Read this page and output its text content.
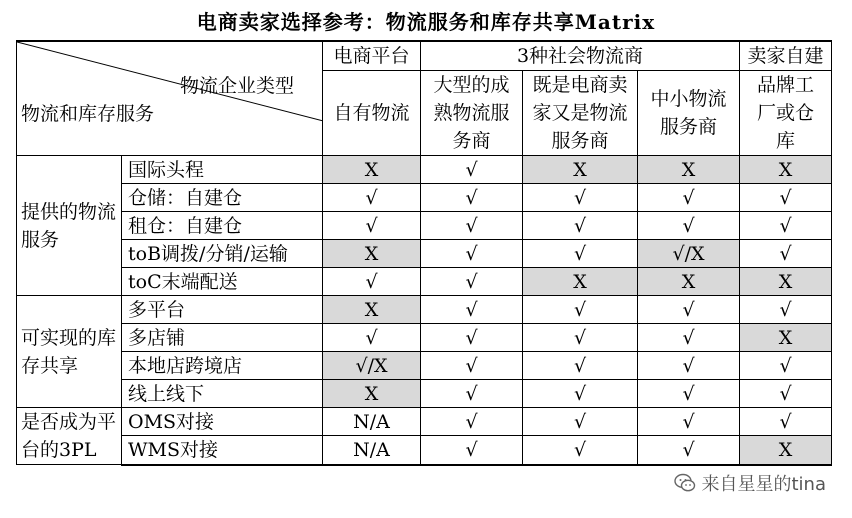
电商卖家选择参考：物流服务和库存共享Matrix
物流企业类型
物流和库存服务		电商平台	3种社会物流商			卖家自建
		自有物流	大型的成熟物流服务商	既是电商卖家又是物流服务商	中小物流服务商	品牌工厂或仓库
提供的物流服务	国际头程	X	√	X	X	X
	仓储：自建仓	√	√	√	√	√
	租仓：自建仓	√	√	√	√	√
	toB调拨/分销/运输	X	√	√	√/X	√
	toC末端配送	√	√	X	X	X
可实现的库存共享	多平台	X	√	√	√	√
	多店铺	√	√	√	√	X
	本地店跨境店	√/X	√	√	√	√
	线上线下	X	√	√	√	√
是否成为平台的3PL	OMS对接	N/A	√	√	√	√
	WMS对接	N/A	√	√	√	X
来自星星的tina
